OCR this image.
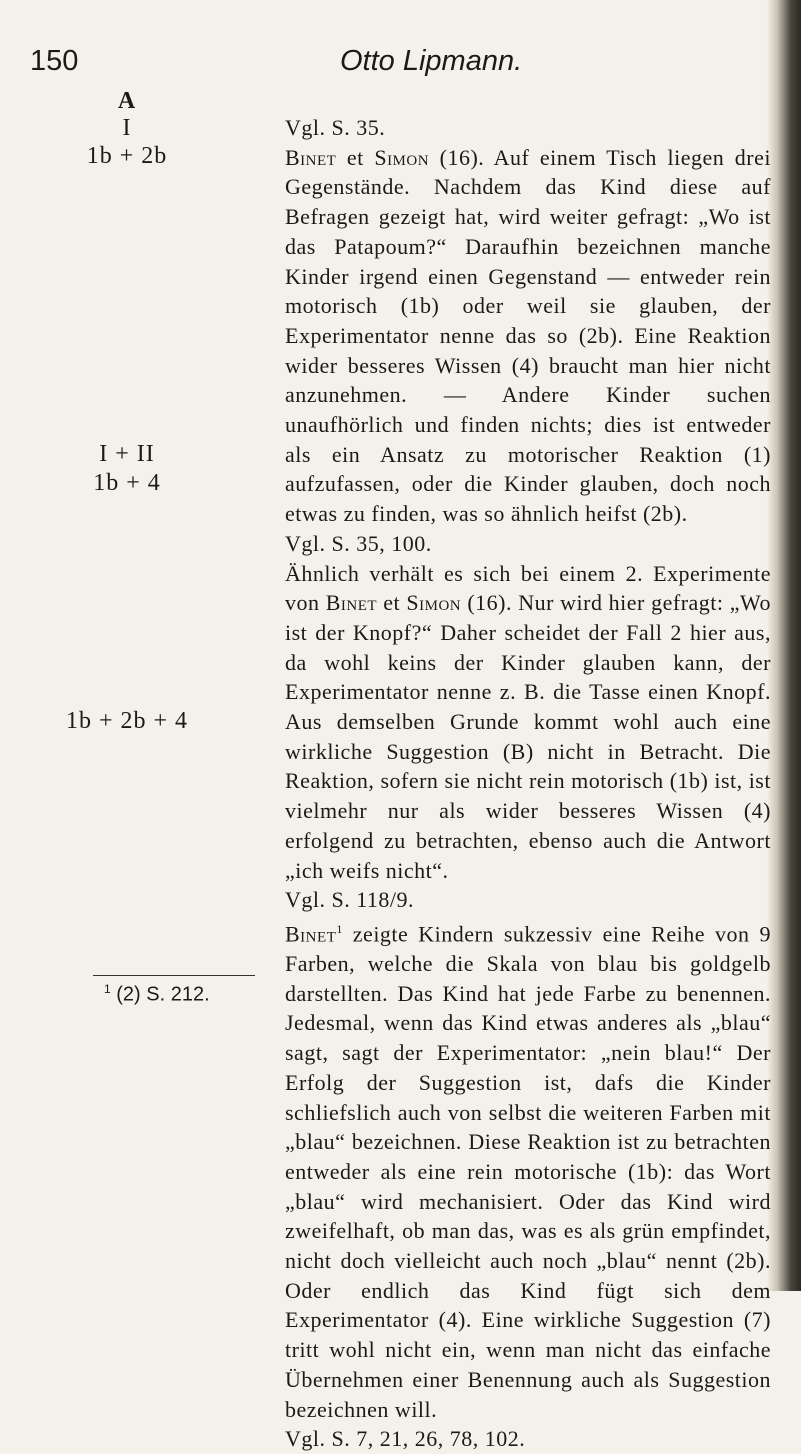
150	Otto Lipmann.
A
I
1b + 2b
I + II
1b + 4
1b + 2b + 4
Vgl. S. 35.

Binet et Simon (16). Auf einem Tisch liegen drei Gegenstände. Nachdem das Kind diese auf Befragen gezeigt hat, wird weiter gefragt: „Wo ist das Patapoum?“ Daraufhin bezeichnen manche Kinder irgend einen Gegenstand — entweder rein motorisch (1b) oder weil sie glauben, der Experimentator nenne das so (2b). Eine Reaktion wider besseres Wissen (4) braucht man hier nicht anzunehmen. — Andere Kinder suchen unaufhörlich und finden nichts; dies ist entweder als ein Ansatz zu motorischer Reaktion (1) aufzufassen, oder die Kinder glauben, doch noch etwas zu finden, was so ähnlich heifst (2b).

Vgl. S. 35, 100.

Ähnlich verhält es sich bei einem 2. Experimente von Binet et Simon (16). Nur wird hier gefragt: „Wo ist der Knopf?“ Daher scheidet der Fall 2 hier aus, da wohl keins der Kinder glauben kann, der Experimentator nenne z. B. die Tasse einen Knopf. Aus demselben Grunde kommt wohl auch eine wirkliche Suggestion (B) nicht in Betracht. Die Reaktion, sofern sie nicht rein motorisch (1b) ist, ist vielmehr nur als wider besseres Wissen (4) erfolgend zu betrachten, ebenso auch die Antwort „ich weifs nicht“.

Vgl. S. 118/9.

Binet$^1$ zeigte Kindern sukzessiv eine Reihe von 9 Farben, welche die Skala von blau bis goldgelb darstellten. Das Kind hat jede Farbe zu benennen. Jedesmal, wenn das Kind etwas anderes als „blau“ sagt, sagt der Experimentator: „nein blau!“ Der Erfolg der Suggestion ist, dafs die Kinder schliefslich auch von selbst die weiteren Farben mit „blau“ bezeichnen. Diese Reaktion ist zu betrachten entweder als eine rein motorische (1b): das Wort „blau“ wird mechanisiert. Oder das Kind wird zweifelhaft, ob man das, was es als grün empfindet, nicht doch vielleicht auch noch „blau“ nennt (2b). Oder endlich das Kind fügt sich dem Experimentator (4). Eine wirkliche Suggestion (7) tritt wohl nicht ein, wenn man nicht das einfache Übernehmen einer Benennung auch als Suggestion bezeichnen will.

Vgl. S. 7, 21, 26, 78, 102.
$^1$ (2) S. 212.
